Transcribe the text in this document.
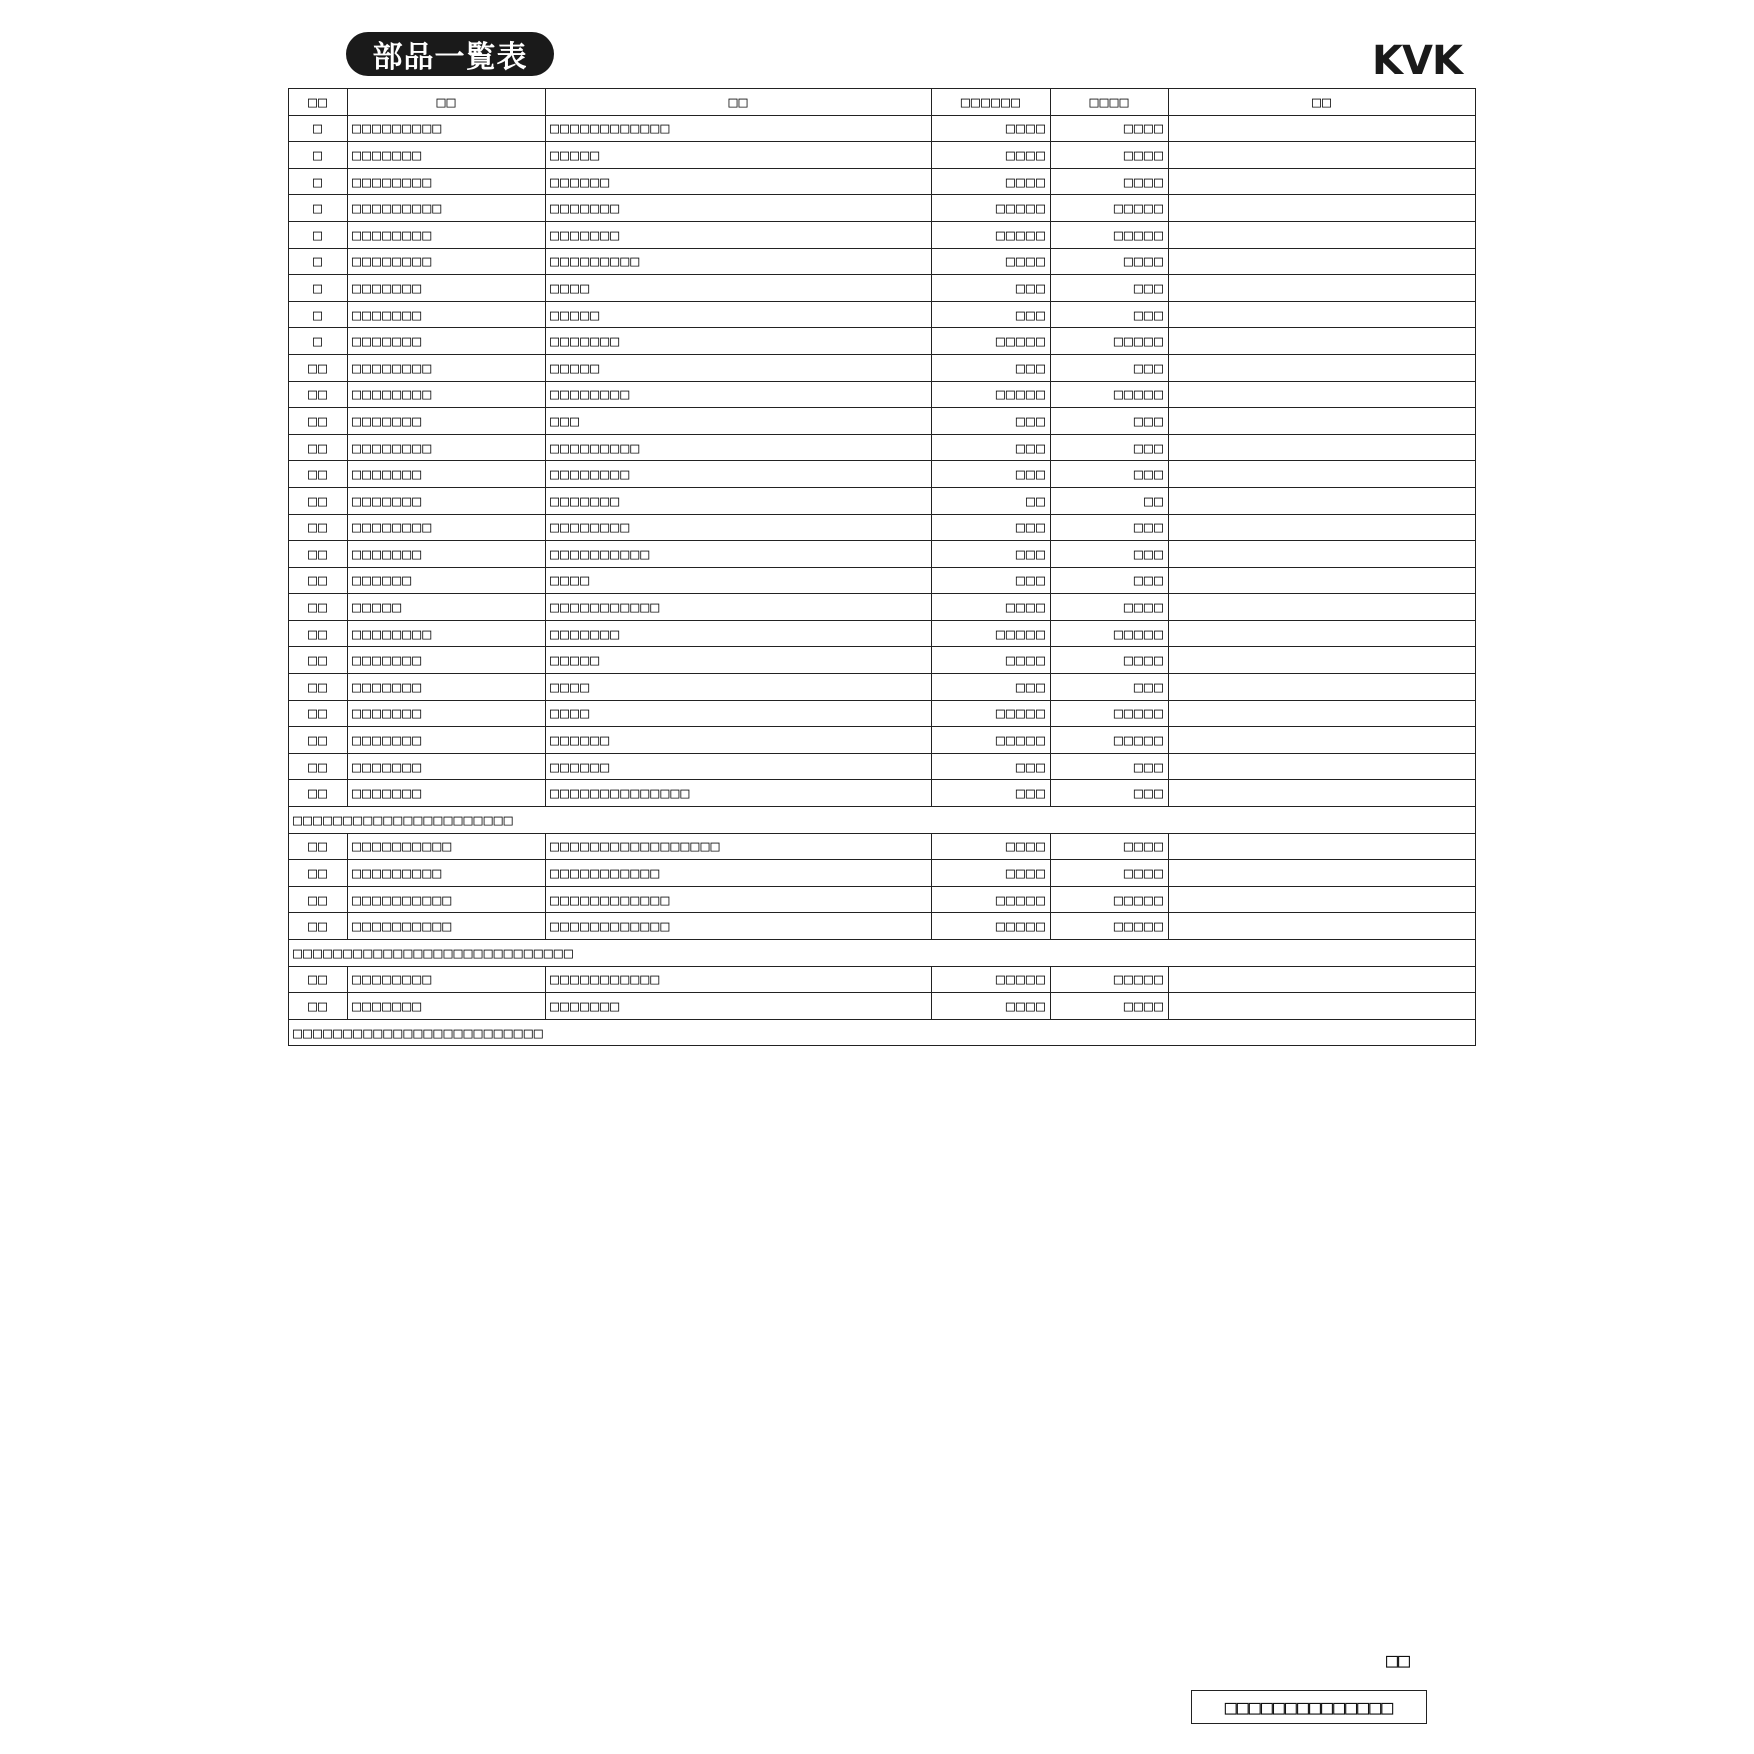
部品一覧表	KVK
□□	□□	□□	□□□□□□	□□□□	□□
□	□□□□□□□□□	□□□□□□□□□□□□	□□□□	□□□□	
□	□□□□□□□	□□□□□	□□□□	□□□□	
□	□□□□□□□□	□□□□□□	□□□□	□□□□	
□	□□□□□□□□□	□□□□□□□	□□□□□	□□□□□	
□	□□□□□□□□	□□□□□□□	□□□□□	□□□□□	
□	□□□□□□□□	□□□□□□□□□	□□□□	□□□□	
□	□□□□□□□	□□□□	□□□	□□□	
□	□□□□□□□	□□□□□	□□□	□□□	
□	□□□□□□□	□□□□□□□	□□□□□	□□□□□	
□□	□□□□□□□□	□□□□□	□□□	□□□	
□□	□□□□□□□□	□□□□□□□□	□□□□□	□□□□□	
□□	□□□□□□□	□□□	□□□	□□□	
□□	□□□□□□□□	□□□□□□□□□	□□□	□□□	
□□	□□□□□□□	□□□□□□□□	□□□	□□□	
□□	□□□□□□□	□□□□□□□	□□	□□	
□□	□□□□□□□□	□□□□□□□□	□□□	□□□	
□□	□□□□□□□	□□□□□□□□□□	□□□	□□□	
□□	□□□□□□	□□□□	□□□	□□□	
□□	□□□□□	□□□□□□□□□□□	□□□□	□□□□	
□□	□□□□□□□□	□□□□□□□	□□□□□	□□□□□	
□□	□□□□□□□	□□□□□	□□□□	□□□□	
□□	□□□□□□□	□□□□	□□□	□□□	
□□	□□□□□□□	□□□□	□□□□□	□□□□□	
□□	□□□□□□□	□□□□□□	□□□□□	□□□□□	
□□	□□□□□□□	□□□□□□	□□□	□□□	
□□	□□□□□□□	□□□□□□□□□□□□□□	□□□	□□□	
□□□□□□□□□□□□□□□□□□□□□□					
□□	□□□□□□□□□□	□□□□□□□□□□□□□□□□□	□□□□	□□□□	
□□	□□□□□□□□□	□□□□□□□□□□□	□□□□	□□□□	
□□	□□□□□□□□□□	□□□□□□□□□□□□	□□□□□	□□□□□	
□□	□□□□□□□□□□	□□□□□□□□□□□□	□□□□□	□□□□□	
□□□□□□□□□□□□□□□□□□□□□□□□□□□□					
□□	□□□□□□□□	□□□□□□□□□□□	□□□□□	□□□□□	
□□	□□□□□□□	□□□□□□□	□□□□	□□□□	
□□□□□□□□□□□□□□□□□□□□□□□□□					
□□
□□□□□□□□□□□□□□
